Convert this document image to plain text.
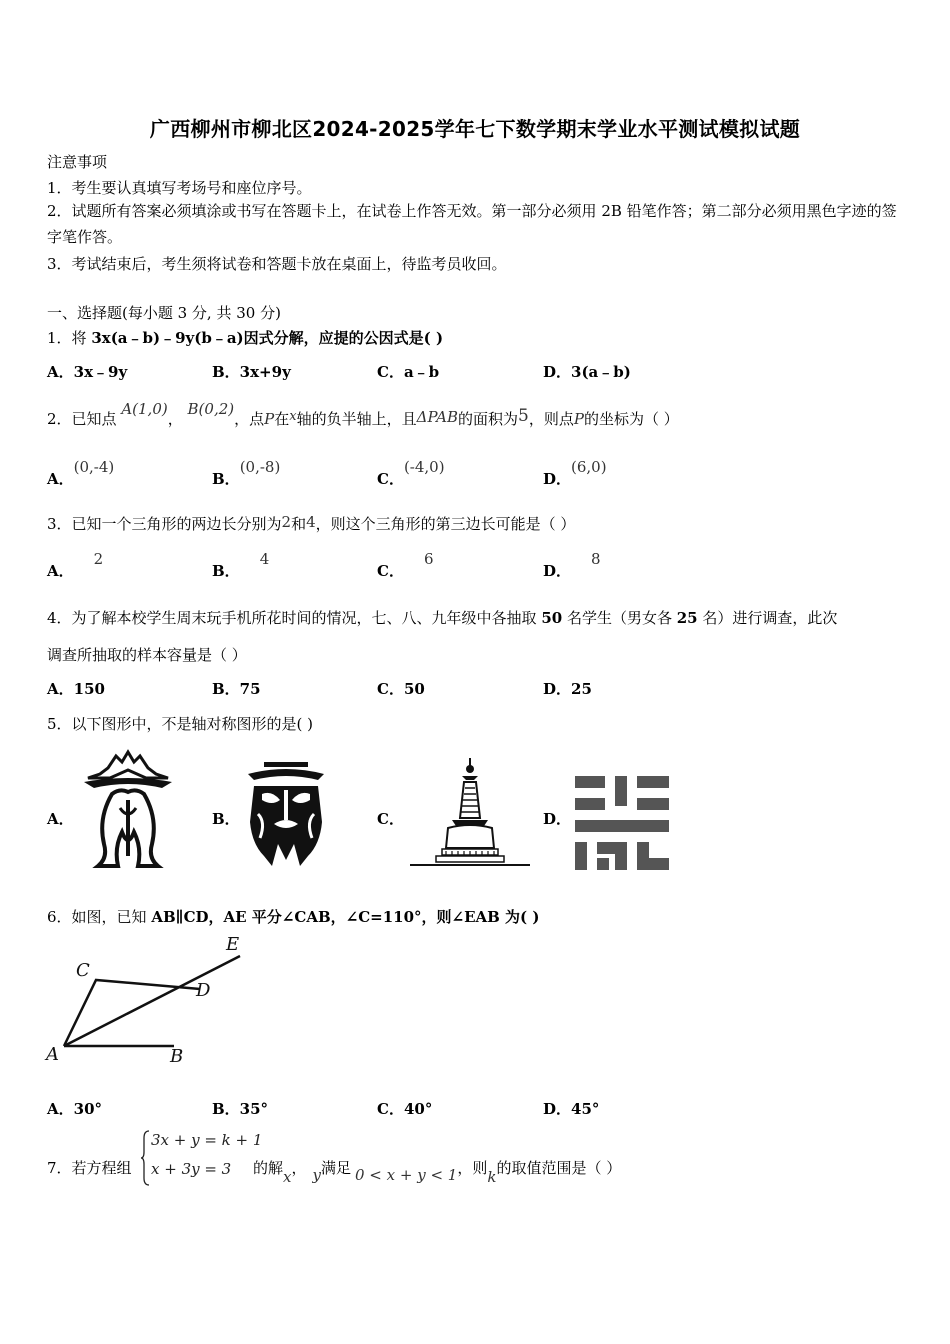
广西柳州市柳北区2024-2025学年七下数学期末学业水平测试模拟试题
注意事项
1．考生要认真填写考场号和座位序号。
2．试题所有答案必须填涂或书写在答题卡上，在试卷上作答无效。第一部分必须用 2B 铅笔作答；第二部分必须用黑色字迹的签字笔作答。
3．考试结束后，考生须将试卷和答题卡放在桌面上，待监考员收回。
一、选择题(每小题 3 分, 共 30 分)
1．将 3x(a﹣b)﹣9y(b﹣a)因式分解，应提的公因式是( )
A．3x﹣9y	B．3x+9y	C．a﹣b	D．3(a﹣b)
2．已知点 A(1,0)， B(0,2)，点P在x轴的负半轴上，且ΔPAB的面积为5，则点P的坐标为（ ）
A．(0,‑4)
B．(0,‑8)
C．(‑4,0)
D．(6,0)
3．已知一个三角形的两边长分别为2和4，则这个三角形的第三边长可能是（ ）
A．2
B．4
C．6
D．8
4．为了解本校学生周末玩手机所花时间的情况，七、八、九年级中各抽取 50 名学生（男女各 25 名）进行调查，此次
调查所抽取的样本容量是（ ）
A．150	B．75	C．50	D．25
5．以下图形中，不是轴对称图形的是( )
A．	B．	C．	D．
6．如图，已知 AB∥CD，AE 平分∠CAB，∠C=110°，则∠EAB 为( )
A	B
C
D
E
A．30°	B．35°	C．40°	D．45°
7．若方程组
3x + y = k + 1
x + 3y = 3 的解x， y满足 0 < x + y < 1，则k的取值范围是（ ）
